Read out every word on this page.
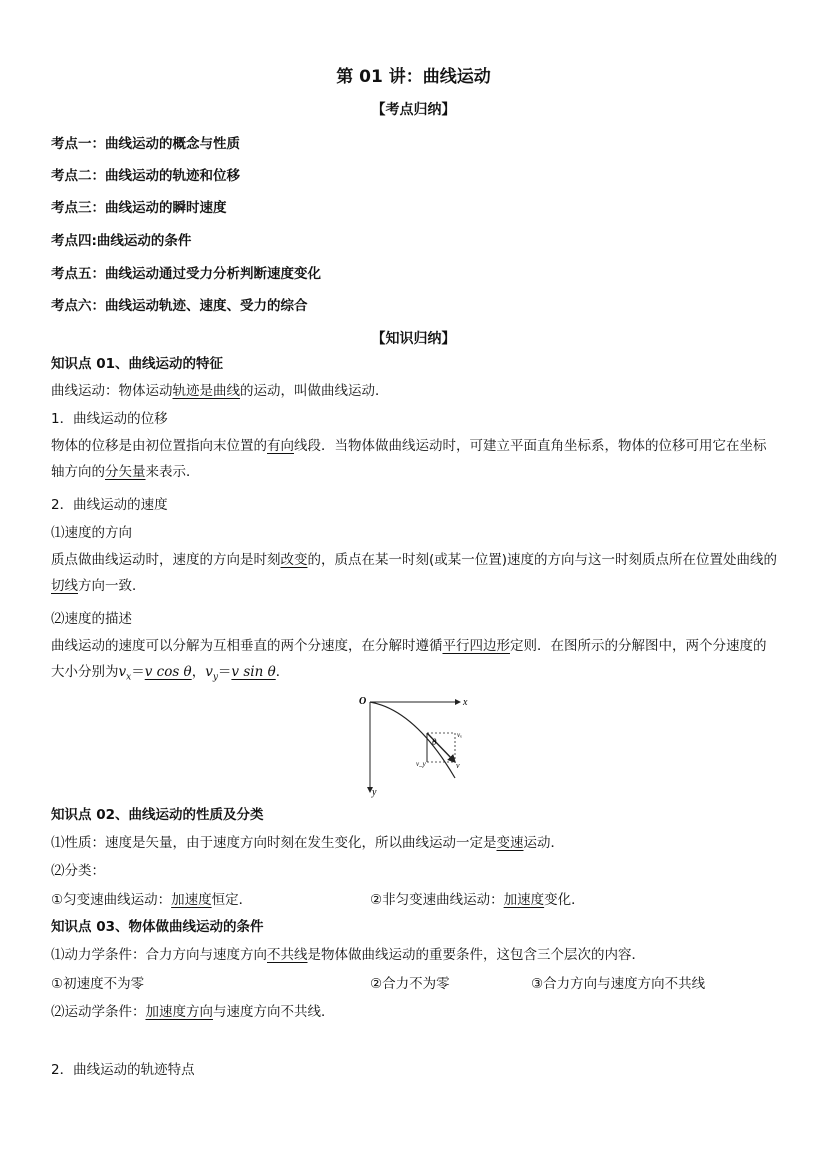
第 01 讲：曲线运动
【考点归纳】
考点一：曲线运动的概念与性质
考点二：曲线运动的轨迹和位移
考点三：曲线运动的瞬时速度
考点四:曲线运动的条件
考点五：曲线运动通过受力分析判断速度变化
考点六：曲线运动轨迹、速度、受力的综合
【知识归纳】
知识点 01、曲线运动的特征
曲线运动：物体运动轨迹是曲线的运动，叫做曲线运动．
1．曲线运动的位移
物体的位移是由初位置指向末位置的有向线段．当物体做曲线运动时，可建立平面直角坐标系，物体的位移可用它在坐标轴方向的分矢量来表示．
2．曲线运动的速度
⑴速度的方向
质点做曲线运动时，速度的方向是时刻改变的，质点在某一时刻(或某一位置)速度的方向与这一时刻质点所在位置处曲线的切线方向一致．
⑵速度的描述
曲线运动的速度可以分解为互相垂直的两个分速度，在分解时遵循平行四边形定则．在图所示的分解图中，两个分速度的大小分别为$v_x=v$ cos θ，$v_y=v$ sin θ．
O	x
y
θ
vₓ
v_y	v
知识点 02、曲线运动的性质及分类
⑴性质：速度是矢量，由于速度方向时刻在发生变化，所以曲线运动一定是变速运动．
⑵分类：
①匀变速曲线运动：加速度恒定．	②非匀变速曲线运动：加速度变化．
知识点 03、物体做曲线运动的条件
⑴动力学条件：合力方向与速度方向不共线是物体做曲线运动的重要条件，这包含三个层次的内容．
①初速度不为零	②合力不为零	③合力方向与速度方向不共线
⑵运动学条件：加速度方向与速度方向不共线．
2．曲线运动的轨迹特点
